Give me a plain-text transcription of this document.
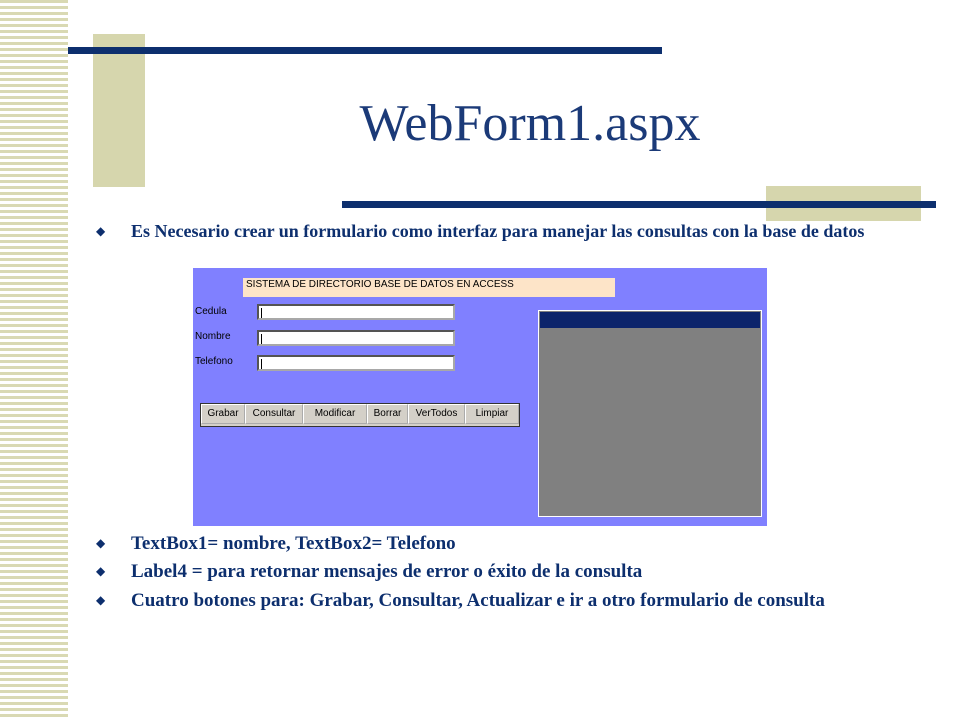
WebForm1.aspx
◆ Es Necesario crear un formulario como interfaz para manejar las consultas con la base de datos
SISTEMA DE DIRECTORIO BASE DE DATOS EN ACCESS
Cedula
Nombre
Telefono
Grabar	Consultar	Modificar	Borrar	VerTodos	Limpiar
◆ TextBox1= nombre, TextBox2= Telefono
◆ Label4 = para retornar mensajes de error o éxito de la consulta
◆ Cuatro botones para: Grabar, Consultar, Actualizar e ir a otro formulario de consulta
